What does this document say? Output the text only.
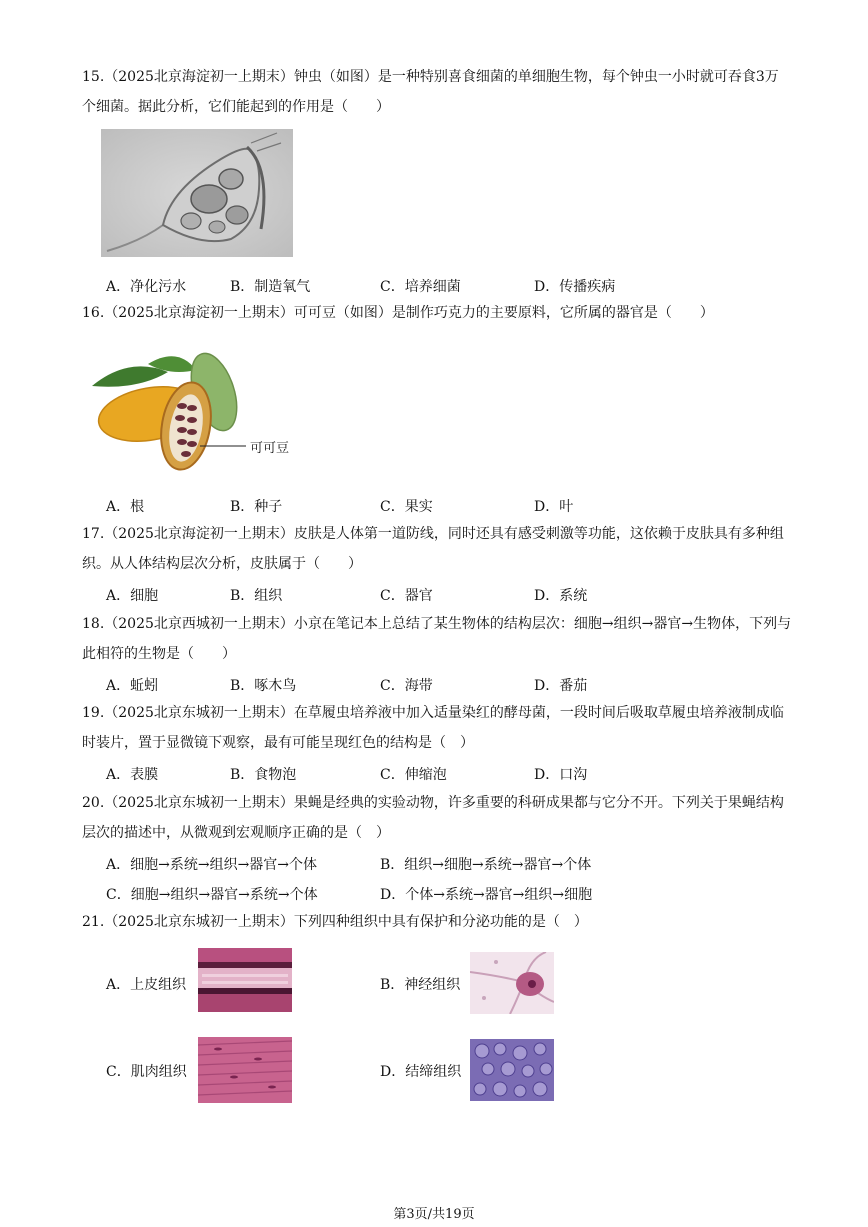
15.（2025北京海淀初一上期末）钟虫（如图）是一种特别喜食细菌的单细胞生物，每个钟虫一小时就可吞食3万个细菌。据此分析，它们能起到的作用是（　　）
A．净化污水	B．制造氧气	C．培养细菌	D．传播疾病
16.（2025北京海淀初一上期末）可可豆（如图）是制作巧克力的主要原料，它所属的器官是（　　）
可可豆
A．根	B．种子	C．果实	D．叶
17.（2025北京海淀初一上期末）皮肤是人体第一道防线，同时还具有感受刺激等功能，这依赖于皮肤具有多种组织。从人体结构层次分析，皮肤属于（　　）
A．细胞	B．组织	C．器官	D．系统
18.（2025北京西城初一上期末）小京在笔记本上总结了某生物体的结构层次：细胞→组织→器官→生物体，下列与此相符的生物是（　　）
A．蚯蚓	B．啄木鸟	C．海带	D．番茄
19.（2025北京东城初一上期末）在草履虫培养液中加入适量染红的酵母菌，一段时间后吸取草履虫培养液制成临时装片，置于显微镜下观察，最有可能呈现红色的结构是（　）
A．表膜	B．食物泡	C．伸缩泡	D．口沟
20.（2025北京东城初一上期末）果蝇是经典的实验动物，许多重要的科研成果都与它分不开。下列关于果蝇结构层次的描述中，从微观到宏观顺序正确的是（　）
A．细胞→系统→组织→器官→个体	B．组织→细胞→系统→器官→个体
C．细胞→组织→器官→系统→个体	D．个体→系统→器官→组织→细胞
21.（2025北京东城初一上期末）下列四种组织中具有保护和分泌功能的是（　）
A．上皮组织	B．神经组织
C．肌肉组织	D．结缔组织
第3页/共19页
